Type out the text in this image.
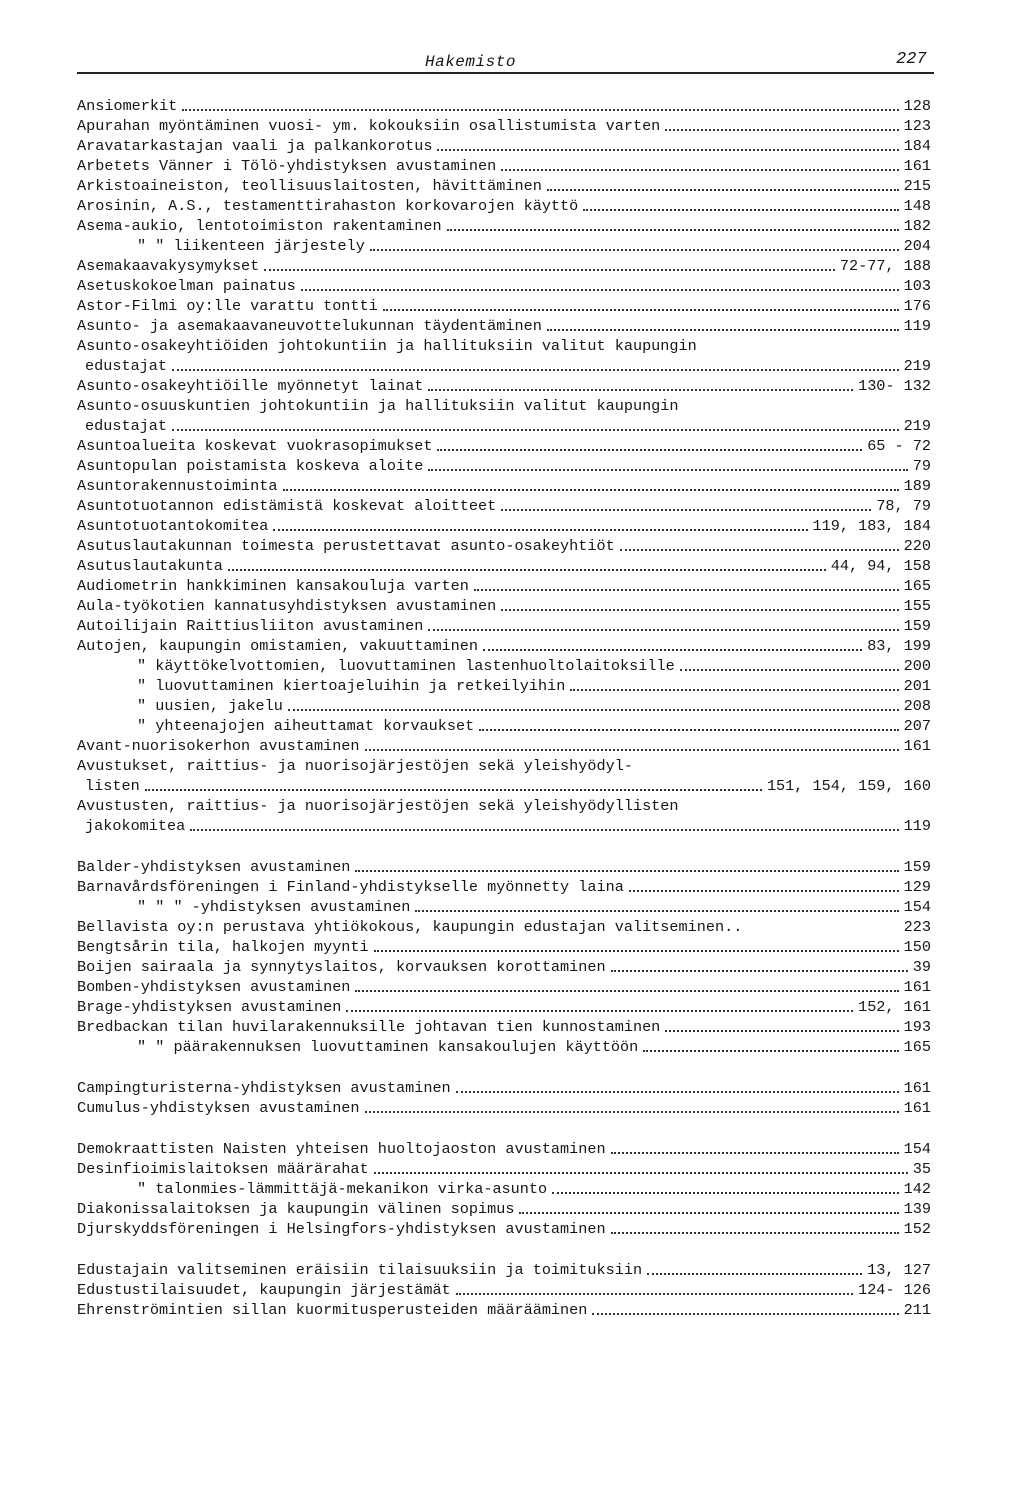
Hakemisto	227
Ansiomerkit	128
Apurahan myöntäminen vuosi- ym. kokouksiin osallistumista varten	123
Aravatarkastajan vaali ja palkankorotus	184
Arbetets Vänner i Tölö-yhdistyksen avustaminen	161
Arkistoaineiston, teollisuuslaitosten, hävittäminen	215
Arosinin, A.S., testamenttirahaston korkovarojen käyttö	148
Asema-aukio, lentotoimiston rakentaminen	182
" " liikenteen järjestely	204
Asemakaavakysymykset	72-77, 188
Asetuskokoelman painatus	103
Astor-Filmi oy:lle varattu tontti	176
Asunto- ja asemakaavaneuvottelukunnan täydentäminen	119
Asunto-osakeyhtiöiden johtokuntiin ja hallituksiin valitut kaupungin
edustajat	219
Asunto-osakeyhtiöille myönnetyt lainat	130- 132
Asunto-osuuskuntien johtokuntiin ja hallituksiin valitut kaupungin
edustajat	219
Asuntoalueita koskevat vuokrasopimukset	65 - 72
Asuntopulan poistamista koskeva aloite	79
Asuntorakennustoiminta	189
Asuntotuotannon edistämistä koskevat aloitteet	78, 79
Asuntotuotantokomitea	119, 183, 184
Asutuslautakunnan toimesta perustettavat asunto-osakeyhtiöt	220
Asutuslautakunta	44, 94, 158
Audiometrin hankkiminen kansakouluja varten	165
Aula-työkotien kannatusyhdistyksen avustaminen	155
Autoilijain Raittiusliiton avustaminen	159
Autojen, kaupungin omistamien, vakuuttaminen	83, 199
" käyttökelvottomien, luovuttaminen lastenhuoltolaitoksille	200
" luovuttaminen kiertoajeluihin ja retkeilyihin	201
" uusien, jakelu	208
" yhteenajojen aiheuttamat korvaukset	207
Avant-nuorisokerhon avustaminen	161
Avustukset, raittius- ja nuorisojärjestöjen sekä yleishyödyl-
listen	151, 154, 159, 160
Avustusten, raittius- ja nuorisojärjestöjen sekä yleishyödyllisten
jakokomitea	119
Balder-yhdistyksen avustaminen	159
Barnavårdsföreningen i Finland-yhdistykselle myönnetty laina	129
" " " -yhdistyksen avustaminen	154
Bellavista oy:n perustava yhtiökokous, kaupungin edustajan valitseminen..	223
Bengtsårin tila, halkojen myynti	150
Boijen sairaala ja synnytyslaitos, korvauksen korottaminen	39
Bomben-yhdistyksen avustaminen	161
Brage-yhdistyksen avustaminen	152, 161
Bredbackan tilan huvilarakennuksille johtavan tien kunnostaminen	193
" " päärakennuksen luovuttaminen kansakoulujen käyttöön	165
Campingturisterna-yhdistyksen avustaminen	161
Cumulus-yhdistyksen avustaminen	161
Demokraattisten Naisten yhteisen huoltojaoston avustaminen	154
Desinfioimislaitoksen määrärahat	35
" talonmies-lämmittäjä-mekanikon virka-asunto	142
Diakonissalaitoksen ja kaupungin välinen sopimus	139
Djurskyddsföreningen i Helsingfors-yhdistyksen avustaminen	152
Edustajain valitseminen eräisiin tilaisuuksiin ja toimituksiin	13, 127
Edustustilaisuudet, kaupungin järjestämät	124- 126
Ehrenströmintien sillan kuormitusperusteiden määrääminen	211
